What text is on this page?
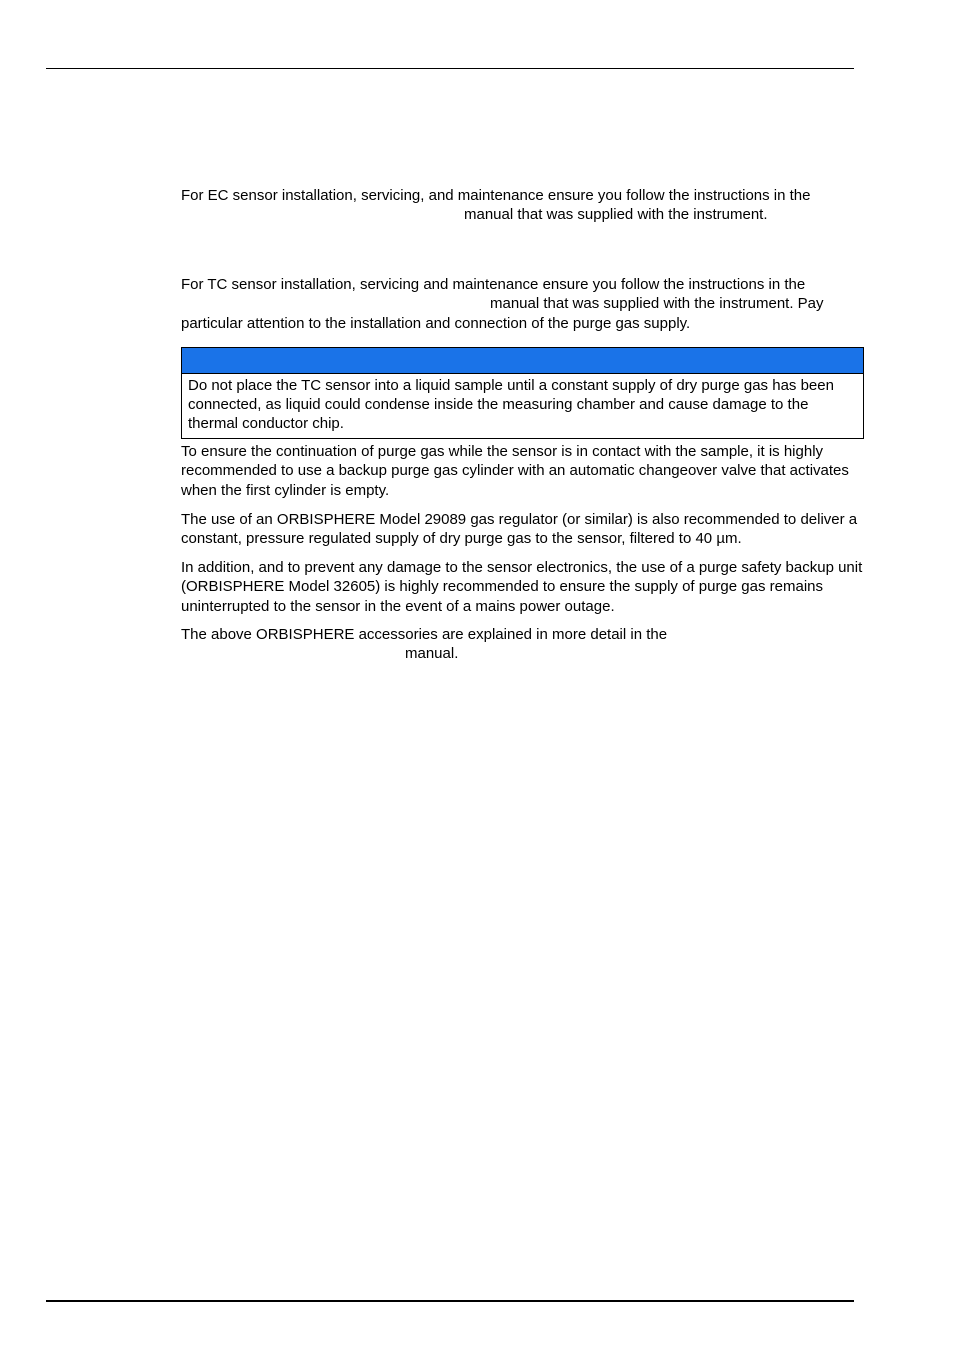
For EC sensor installation, servicing, and maintenance ensure you follow the instructions in the
manual that was supplied with the instrument.
For TC sensor installation, servicing and maintenance ensure you follow the instructions in the
manual that was supplied with the instrument. Pay
particular attention to the installation and connection of the purge gas supply.
Do not place the TC sensor into a liquid sample until a constant supply of dry purge gas has been connected, as liquid could condense inside the measuring chamber and cause damage to the thermal conductor chip.

To ensure the continuation of purge gas while the sensor is in contact with the sample, it is highly recommended to use a backup purge gas cylinder with an automatic changeover valve that activates when the first cylinder is empty.

The use of an ORBISPHERE Model 29089 gas regulator (or similar) is also recommended to deliver a constant, pressure regulated supply of dry purge gas to the sensor, filtered to 40 µm.

In addition, and to prevent any damage to the sensor electronics, the use of a purge safety backup unit (ORBISPHERE Model 32605) is highly recommended to ensure the supply of purge gas remains uninterrupted to the sensor in the event of a mains power outage.

The above ORBISPHERE accessories are explained in more detail in the
manual.
